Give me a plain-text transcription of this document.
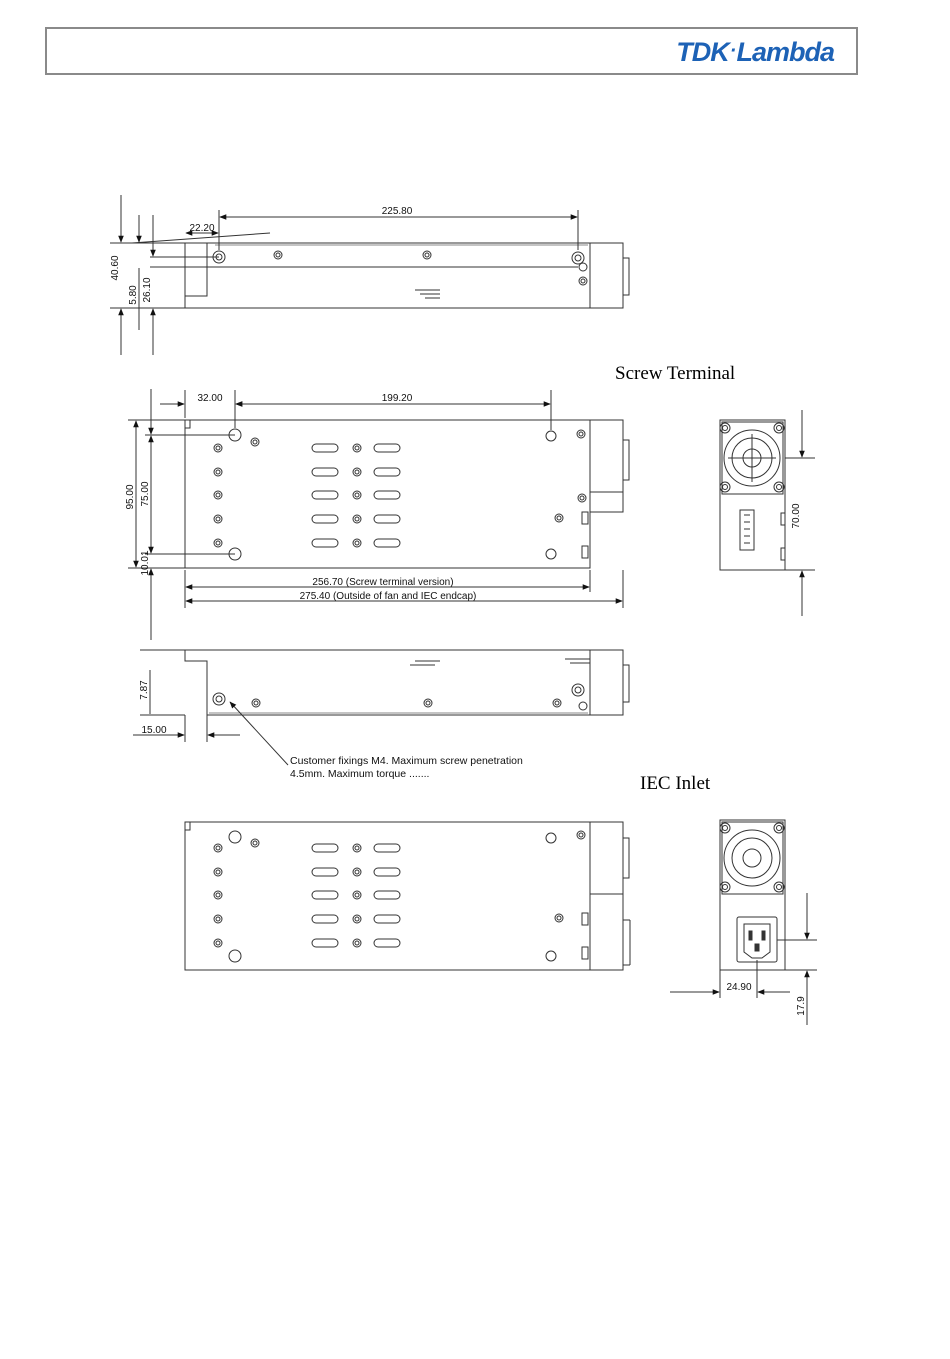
TDK·Lambda
225.80
22.20
40.60
5.80 26.10
Screw Terminal
32.00	199.20
95.00 75.00
10.01
256.70 (Screw terminal version)
275.40 (Outside of fan and IEC endcap)
70.00
7.87
15.00
Customer fixings M4. Maximum screw penetration
4.5mm. Maximum torque .......	IEC Inlet
24.90
17.9
